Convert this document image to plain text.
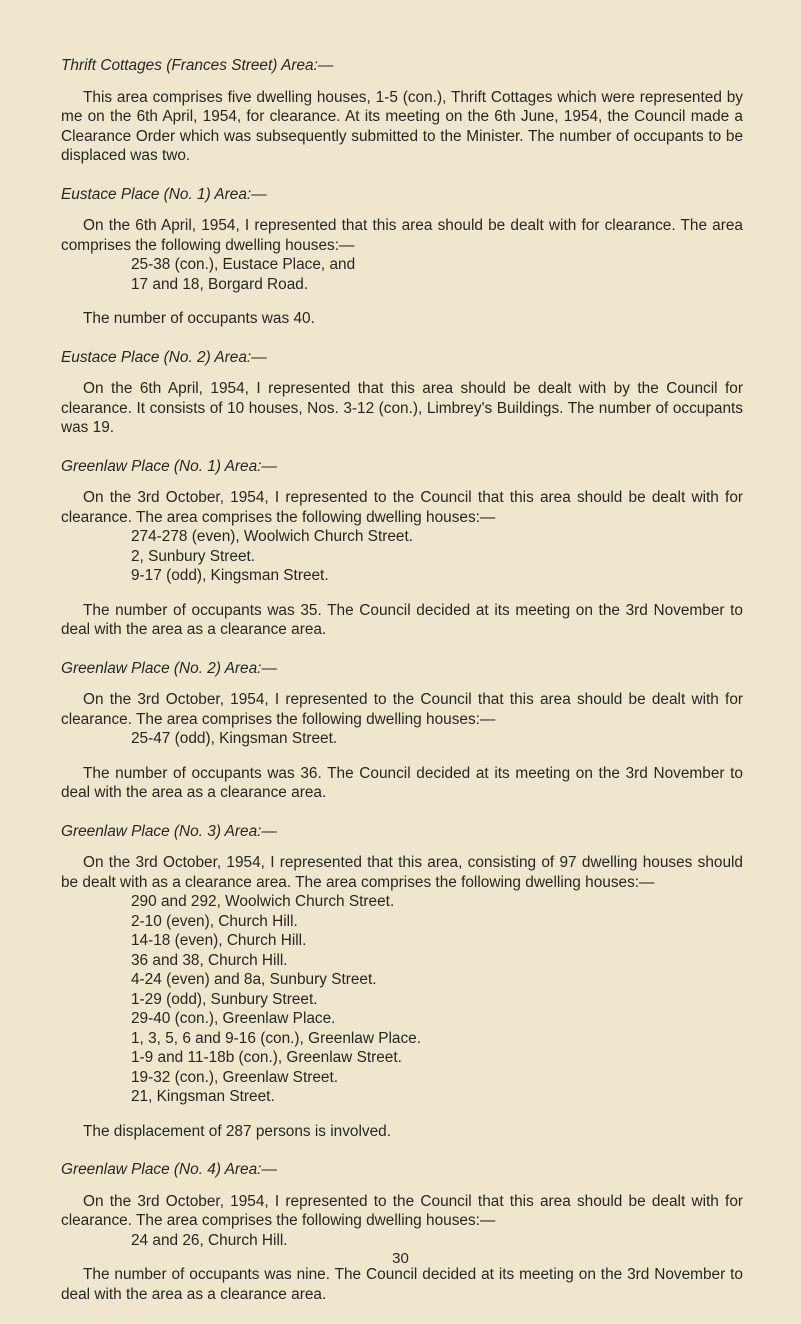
Thrift Cottages (Frances Street) Area:—

This area comprises five dwelling houses, 1-5 (con.), Thrift Cottages which were represented by me on the 6th April, 1954, for clearance. At its meeting on the 6th June, 1954, the Council made a Clearance Order which was subsequently submitted to the Minister. The number of occupants to be displaced was two.

Eustace Place (No. 1) Area:—

On the 6th April, 1954, I represented that this area should be dealt with for clearance. The area comprises the following dwelling houses:—

25-38 (con.), Eustace Place, and
17 and 18, Borgard Road.

The number of occupants was 40.

Eustace Place (No. 2) Area:—

On the 6th April, 1954, I represented that this area should be dealt with by the Council for clearance. It consists of 10 houses, Nos. 3-12 (con.), Limbrey's Buildings. The number of occupants was 19.

Greenlaw Place (No. 1) Area:—

On the 3rd October, 1954, I represented to the Council that this area should be dealt with for clearance. The area comprises the following dwelling houses:—

274-278 (even), Woolwich Church Street.
2, Sunbury Street.
9-17 (odd), Kingsman Street.

The number of occupants was 35. The Council decided at its meeting on the 3rd November to deal with the area as a clearance area.

Greenlaw Place (No. 2) Area:—

On the 3rd October, 1954, I represented to the Council that this area should be dealt with for clearance. The area comprises the following dwelling houses:—

25-47 (odd), Kingsman Street.

The number of occupants was 36. The Council decided at its meeting on the 3rd November to deal with the area as a clearance area.

Greenlaw Place (No. 3) Area:—

On the 3rd October, 1954, I represented that this area, consisting of 97 dwelling houses should be dealt with as a clearance area. The area comprises the following dwelling houses:—

290 and 292, Woolwich Church Street.
2-10 (even), Church Hill.
14-18 (even), Church Hill.
36 and 38, Church Hill.
4-24 (even) and 8a, Sunbury Street.
1-29 (odd), Sunbury Street.
29-40 (con.), Greenlaw Place.
1, 3, 5, 6 and 9-16 (con.), Greenlaw Place.
1-9 and 11-18b (con.), Greenlaw Street.
19-32 (con.), Greenlaw Street.
21, Kingsman Street.

The displacement of 287 persons is involved.

Greenlaw Place (No. 4) Area:—

On the 3rd October, 1954, I represented to the Council that this area should be dealt with for clearance. The area comprises the following dwelling houses:—

24 and 26, Church Hill.

The number of occupants was nine. The Council decided at its meeting on the 3rd November to deal with the area as a clearance area.

30
